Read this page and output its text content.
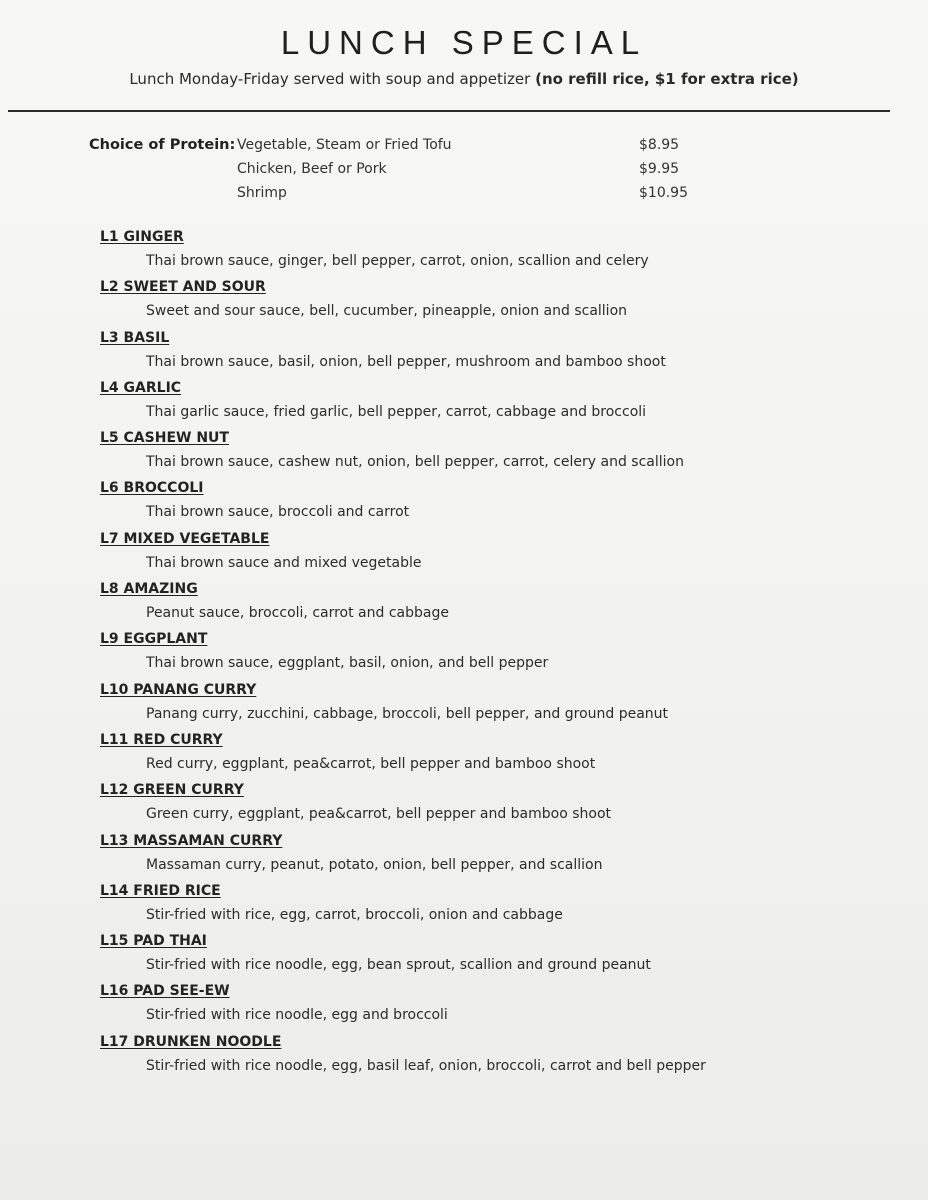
LUNCH SPECIAL
Lunch Monday-Friday served with soup and appetizer (no refill rice, $1 for extra rice)
Choice of Protein: Vegetable, Steam or Fried Tofu	$8.95
Chicken, Beef or Pork	$9.95
Shrimp	$10.95
L1 GINGER
Thai brown sauce, ginger, bell pepper, carrot, onion, scallion and celery
L2 SWEET AND SOUR
Sweet and sour sauce, bell, cucumber, pineapple, onion and scallion
L3 BASIL
Thai brown sauce, basil, onion, bell pepper, mushroom and bamboo shoot
L4 GARLIC
Thai garlic sauce, fried garlic, bell pepper, carrot, cabbage and broccoli
L5 CASHEW NUT
Thai brown sauce, cashew nut, onion, bell pepper, carrot, celery and scallion
L6 BROCCOLI
Thai brown sauce, broccoli and carrot
L7 MIXED VEGETABLE
Thai brown sauce and mixed vegetable
L8 AMAZING
Peanut sauce, broccoli, carrot and cabbage
L9 EGGPLANT
Thai brown sauce, eggplant, basil, onion, and bell pepper
L10 PANANG CURRY
Panang curry, zucchini, cabbage, broccoli, bell pepper, and ground peanut
L11 RED CURRY
Red curry, eggplant, pea&carrot, bell pepper and bamboo shoot
L12 GREEN CURRY
Green curry, eggplant, pea&carrot, bell pepper and bamboo shoot
L13 MASSAMAN CURRY
Massaman curry, peanut, potato, onion, bell pepper, and scallion
L14 FRIED RICE
Stir-fried with rice, egg, carrot, broccoli, onion and cabbage
L15 PAD THAI
Stir-fried with rice noodle, egg, bean sprout, scallion and ground peanut
L16 PAD SEE-EW
Stir-fried with rice noodle, egg and broccoli
L17 DRUNKEN NOODLE
Stir-fried with rice noodle, egg, basil leaf, onion, broccoli, carrot and bell pepper
